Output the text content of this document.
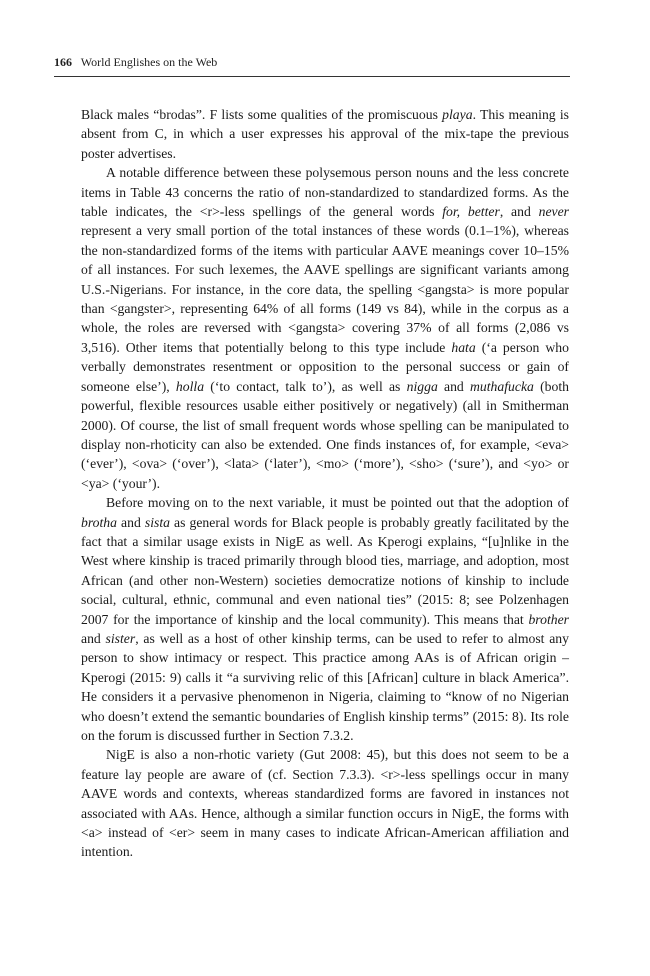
166 World Englishes on the Web

Black males “brodas”. F lists some qualities of the promiscuous playa. This meaning is absent from C, in which a user expresses his approval of the mix-tape the previous poster advertises.

A notable difference between these polysemous person nouns and the less concrete items in Table 43 concerns the ratio of non-standardized to standardized forms. As the table indicates, the <r>-less spellings of the general words for, better, and never represent a very small portion of the total instances of these words (0.1–1%), whereas the non-standardized forms of the items with particular AAVE meanings cover 10–15% of all instances. For such lexemes, the AAVE spellings are significant variants among U.S.-Nigerians. For instance, in the core data, the spelling <gangsta> is more popular than <gangster>, representing 64% of all forms (149 vs 84), while in the corpus as a whole, the roles are reversed with <gangsta> covering 37% of all forms (2,086 vs 3,516). Other items that potentially belong to this type include hata (‘a person who verbally demonstrates resentment or opposition to the personal success or gain of someone else’), holla (‘to contact, talk to’), as well as nigga and muthafucka (both powerful, flexible resources usable either positively or negatively) (all in Smitherman 2000). Of course, the list of small frequent words whose spelling can be manipulated to display non-rhoticity can also be extended. One finds instances of, for example, <eva> (‘ever’), <ova> (‘over’), <lata> (‘later’), <mo> (‘more’), <sho> (‘sure’), and <yo> or <ya> (‘your’).

Before moving on to the next variable, it must be pointed out that the adoption of brotha and sista as general words for Black people is probably greatly facilitated by the fact that a similar usage exists in NigE as well. As Kperogi explains, “[u]nlike in the West where kinship is traced primarily through blood ties, marriage, and adoption, most African (and other non-Western) societies democratize notions of kinship to include social, cultural, ethnic, communal and even national ties” (2015: 8; see Polzenhagen 2007 for the importance of kinship and the local community). This means that brother and sister, as well as a host of other kinship terms, can be used to refer to almost any person to show intimacy or respect. This practice among AAs is of African origin – Kperogi (2015: 9) calls it “a surviving relic of this [African] culture in black America”. He considers it a pervasive phenomenon in Nigeria, claiming to “know of no Nigerian who doesn’t extend the semantic boundaries of English kinship terms” (2015: 8). Its role on the forum is discussed further in Section 7.3.2.

NigE is also a non-rhotic variety (Gut 2008: 45), but this does not seem to be a feature lay people are aware of (cf. Section 7.3.3). <r>-less spellings occur in many AAVE words and contexts, whereas standardized forms are favored in instances not associated with AAs. Hence, although a similar function occurs in NigE, the forms with <a> instead of <er> seem in many cases to indicate African-American affiliation and intention.
